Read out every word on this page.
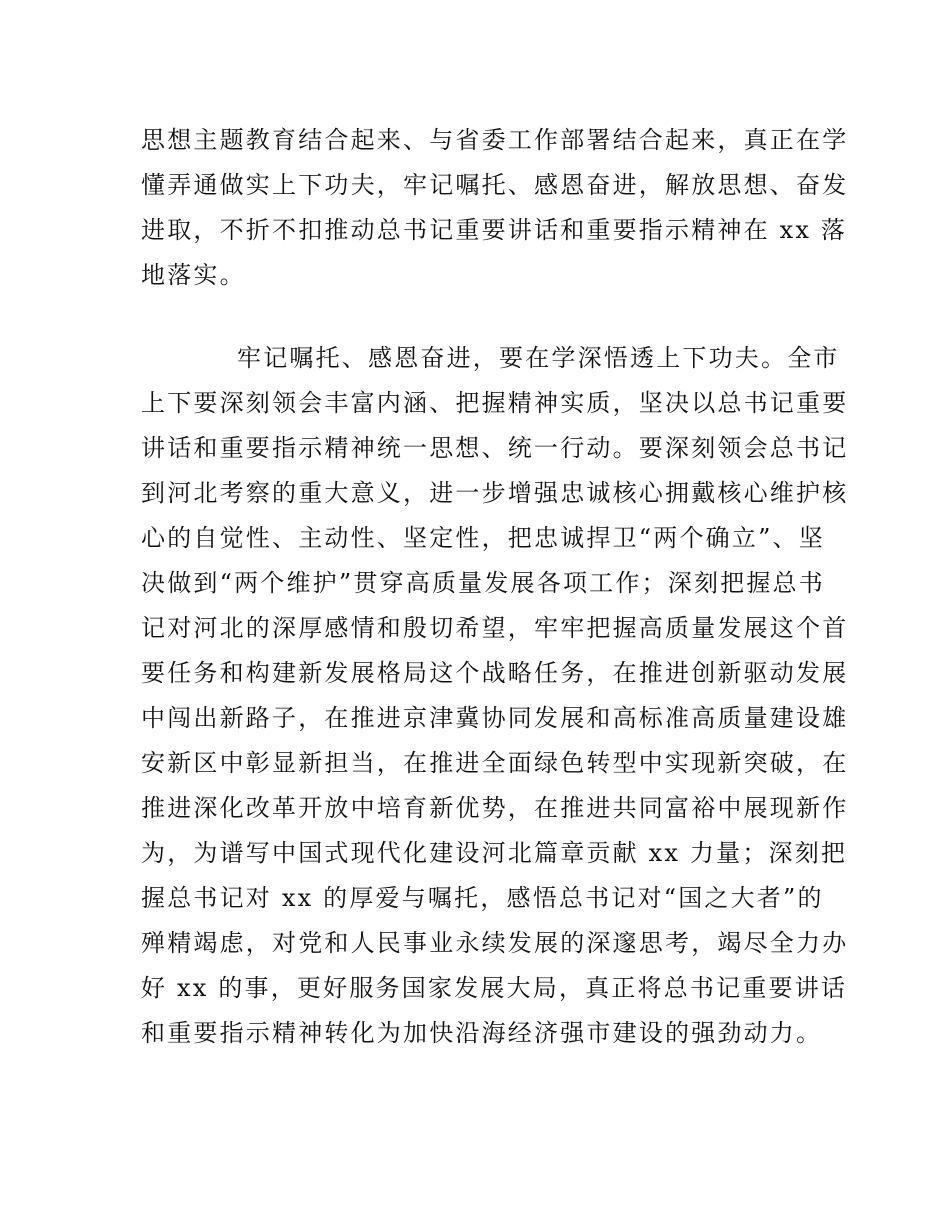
思想主题教育结合起来、与省委工作部署结合起来，真正在学
懂弄通做实上下功夫，牢记嘱托、感恩奋进，解放思想、奋发
进取，不折不扣推动总书记重要讲话和重要指示精神在 xx 落
地落实。
牢记嘱托、感恩奋进，要在学深悟透上下功夫。全市
上下要深刻领会丰富内涵、把握精神实质，坚决以总书记重要
讲话和重要指示精神统一思想、统一行动。要深刻领会总书记
到河北考察的重大意义，进一步增强忠诚核心拥戴核心维护核
心的自觉性、主动性、坚定性，把忠诚捍卫“两个确立”、坚
决做到“两个维护”贯穿高质量发展各项工作；深刻把握总书
记对河北的深厚感情和殷切希望，牢牢把握高质量发展这个首
要任务和构建新发展格局这个战略任务，在推进创新驱动发展
中闯出新路子，在推进京津冀协同发展和高标准高质量建设雄
安新区中彰显新担当，在推进全面绿色转型中实现新突破，在
推进深化改革开放中培育新优势，在推进共同富裕中展现新作
为，为谱写中国式现代化建设河北篇章贡献 xx 力量；深刻把
握总书记对 xx 的厚爱与嘱托，感悟总书记对“国之大者”的
殚精竭虑，对党和人民事业永续发展的深邃思考，竭尽全力办
好 xx 的事，更好服务国家发展大局，真正将总书记重要讲话
和重要指示精神转化为加快沿海经济强市建设的强劲动力。
